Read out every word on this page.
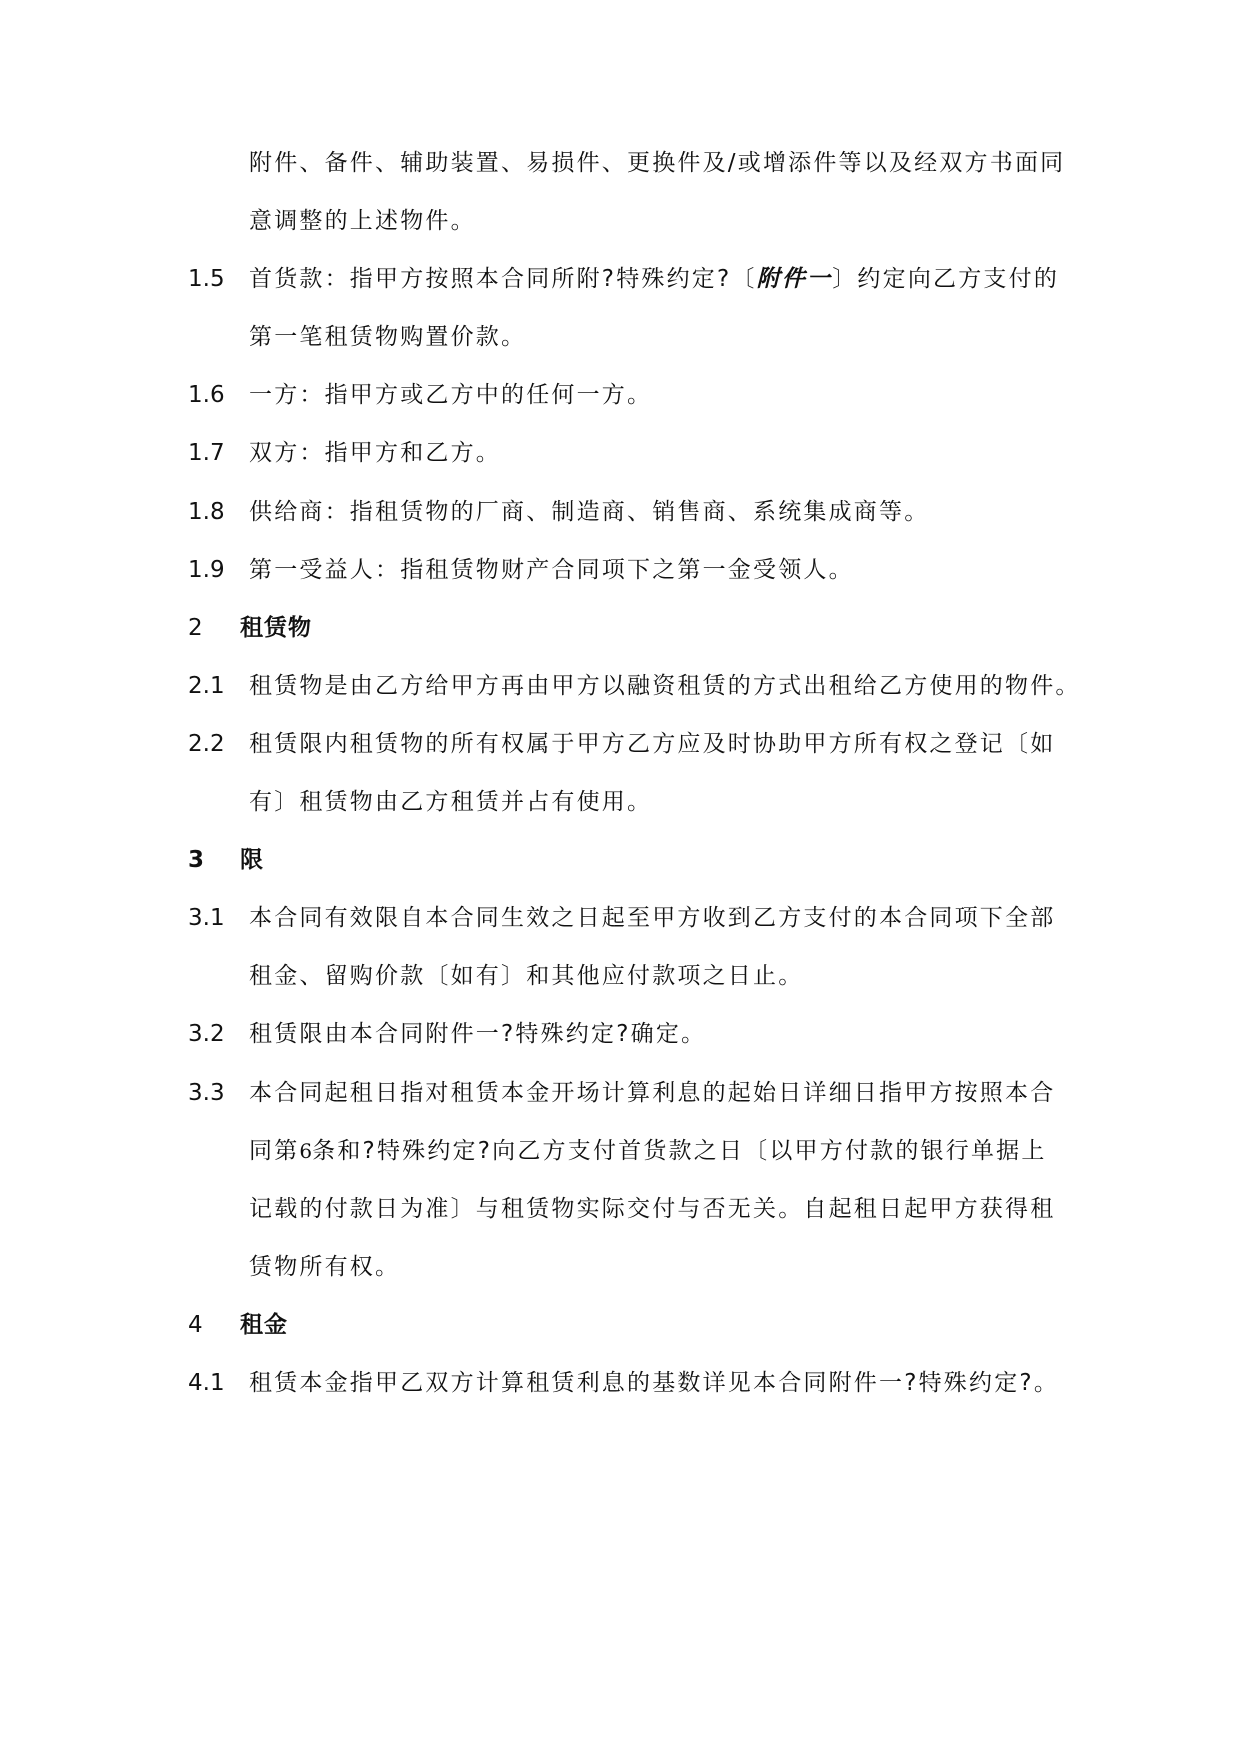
附件、备件、辅助装置、易损件、更换件及/或增添件等以及经双方书面同
意调整的上述物件。
1.5 首货款：指甲方按照本合同所附?特殊约定?〔附件一〕约定向乙方支付的
第一笔租赁物购置价款。
1.6 一方：指甲方或乙方中的任何一方。
1.7 双方：指甲方和乙方。
1.8 供给商：指租赁物的厂商、制造商、销售商、系统集成商等。
1.9 第一受益人：指租赁物财产合同项下之第一金受领人。
2 租赁物
2.1 租赁物是由乙方给甲方再由甲方以融资租赁的方式出租给乙方使用的物件。
2.2 租赁限内租赁物的所有权属于甲方乙方应及时协助甲方所有权之登记〔如
有〕租赁物由乙方租赁并占有使用。
3 限
3.1 本合同有效限自本合同生效之日起至甲方收到乙方支付的本合同项下全部
租金、留购价款〔如有〕和其他应付款项之日止。
3.2 租赁限由本合同附件一?特殊约定?确定。
3.3 本合同起租日指对租赁本金开场计算利息的起始日详细日指甲方按照本合
同第6条和?特殊约定?向乙方支付首货款之日〔以甲方付款的银行单据上
记载的付款日为准〕与租赁物实际交付与否无关。自起租日起甲方获得租
赁物所有权。
4 租金
4.1 租赁本金指甲乙双方计算租赁利息的基数详见本合同附件一?特殊约定?。
